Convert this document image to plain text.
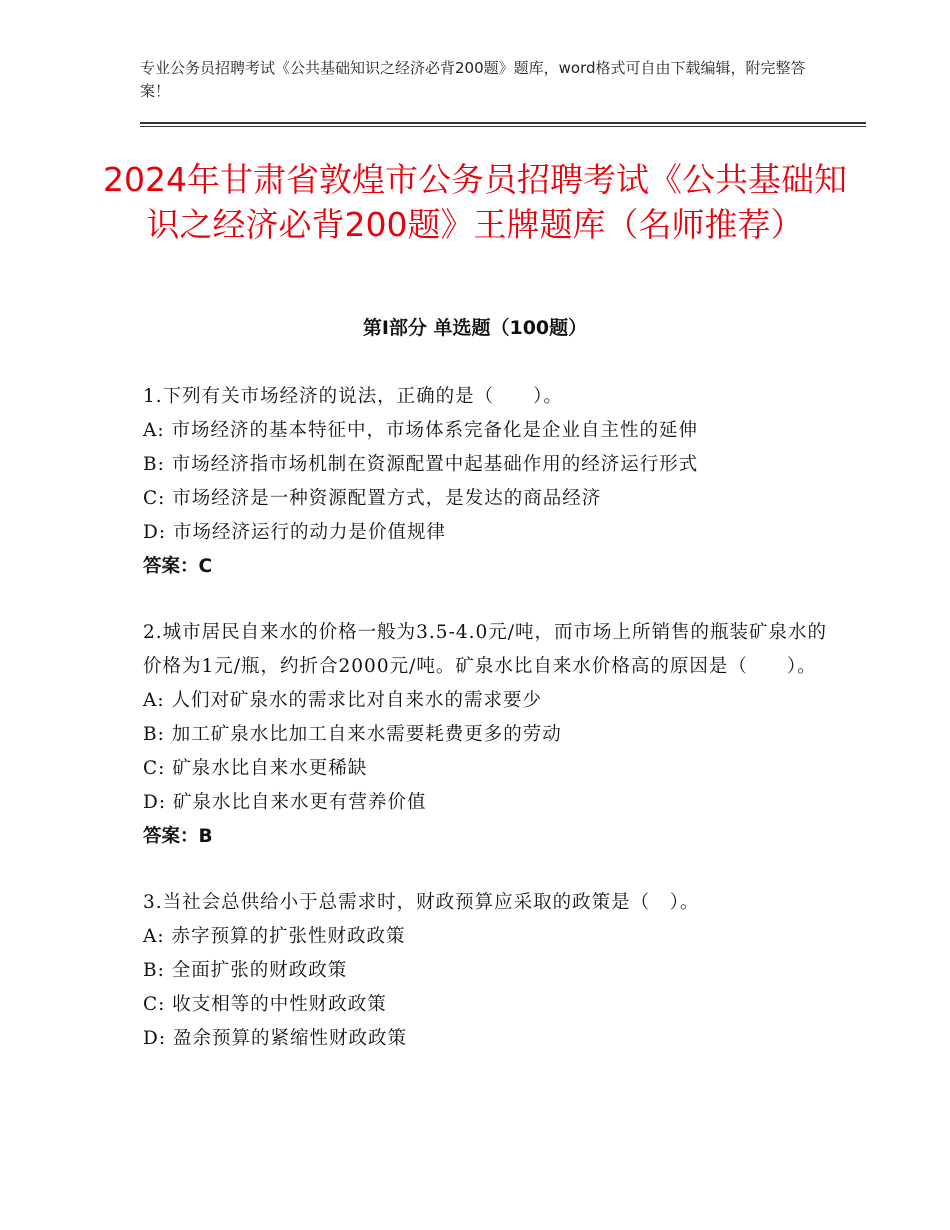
专业公务员招聘考试《公共基础知识之经济必背200题》题库，word格式可自由下载编辑，附完整答案！
2024年甘肃省敦煌市公务员招聘考试《公共基础知识之经济必背200题》王牌题库（名师推荐）
第Ⅰ部分 单选题（100题）
1.下列有关市场经济的说法，正确的是（　　）。
A: 市场经济的基本特征中，市场体系完备化是企业自主性的延伸
B: 市场经济指市场机制在资源配置中起基础作用的经济运行形式
C: 市场经济是一种资源配置方式，是发达的商品经济
D: 市场经济运行的动力是价值规律
答案：C
2.城市居民自来水的价格一般为3.5-4.0元/吨，而市场上所销售的瓶装矿泉水的价格为1元/瓶，约折合2000元/吨。矿泉水比自来水价格高的原因是（　　）。
A: 人们对矿泉水的需求比对自来水的需求要少
B: 加工矿泉水比加工自来水需要耗费更多的劳动
C: 矿泉水比自来水更稀缺
D: 矿泉水比自来水更有营养价值
答案：B
3.当社会总供给小于总需求时，财政预算应采取的政策是（　）。
A: 赤字预算的扩张性财政政策
B: 全面扩张的财政政策
C: 收支相等的中性财政政策
D: 盈余预算的紧缩性财政政策
